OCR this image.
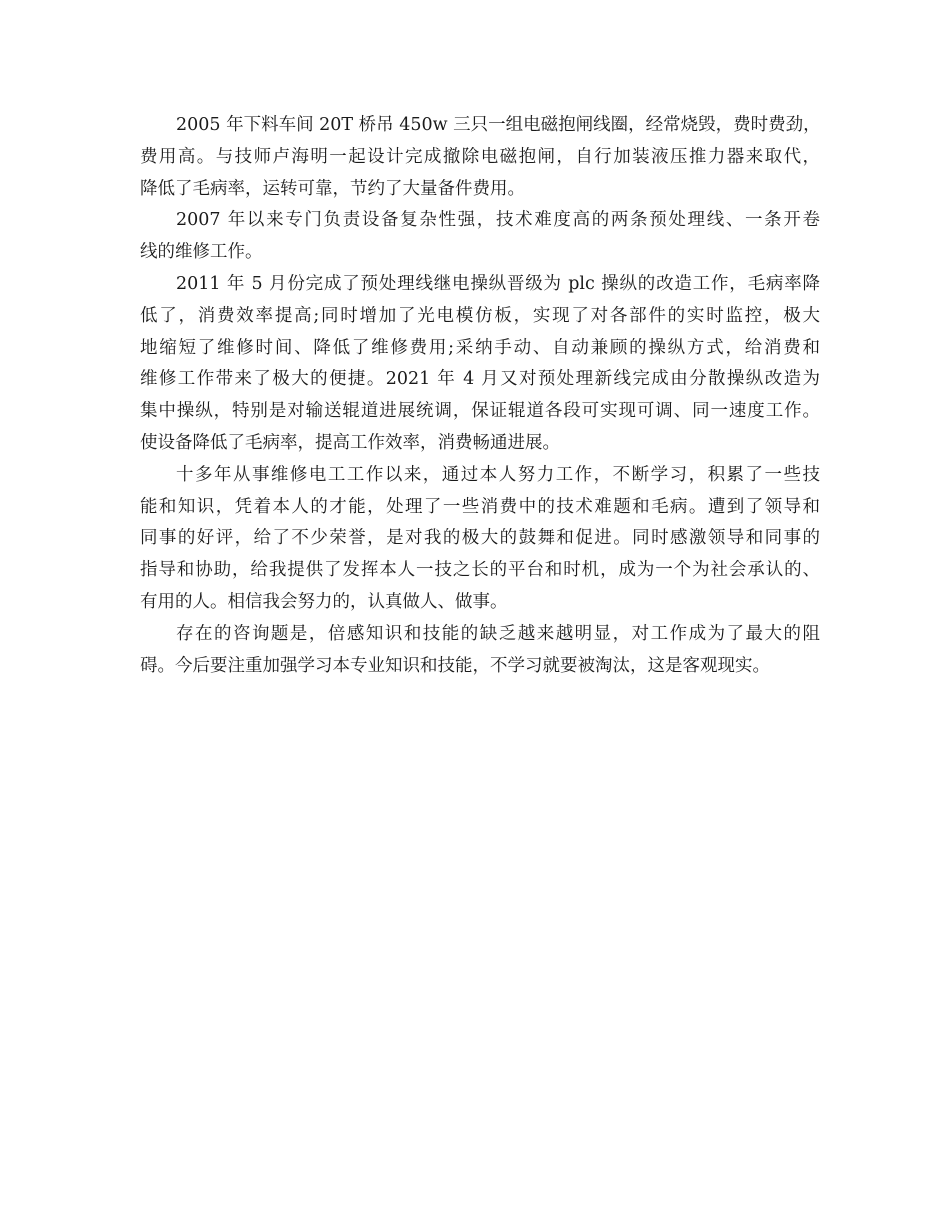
2005 年下料车间 20T 桥吊 450w 三只一组电磁抱闸线圈，经常烧毁，费时费劲，
费用高。与技师卢海明一起设计完成撤除电磁抱闸，自行加装液压推力器来取代，
降低了毛病率，运转可靠，节约了大量备件费用。
2007 年以来专门负责设备复杂性强，技术难度高的两条预处理线、一条开卷
线的维修工作。
2011 年 5 月份完成了预处理线继电操纵晋级为 plc 操纵的改造工作，毛病率降
低了，消费效率提高;同时增加了光电模仿板，实现了对各部件的实时监控，极大
地缩短了维修时间、降低了维修费用;采纳手动、自动兼顾的操纵方式，给消费和
维修工作带来了极大的便捷。2021 年 4 月又对预处理新线完成由分散操纵改造为
集中操纵，特别是对输送辊道进展统调，保证辊道各段可实现可调、同一速度工作。
使设备降低了毛病率，提高工作效率，消费畅通进展。
十多年从事维修电工工作以来，通过本人努力工作，不断学习，积累了一些技
能和知识，凭着本人的才能，处理了一些消费中的技术难题和毛病。遭到了领导和
同事的好评，给了不少荣誉，是对我的极大的鼓舞和促进。同时感激领导和同事的
指导和协助，给我提供了发挥本人一技之长的平台和时机，成为一个为社会承认的、
有用的人。相信我会努力的，认真做人、做事。
存在的咨询题是，倍感知识和技能的缺乏越来越明显，对工作成为了最大的阻
碍。今后要注重加强学习本专业知识和技能，不学习就要被淘汰，这是客观现实。
